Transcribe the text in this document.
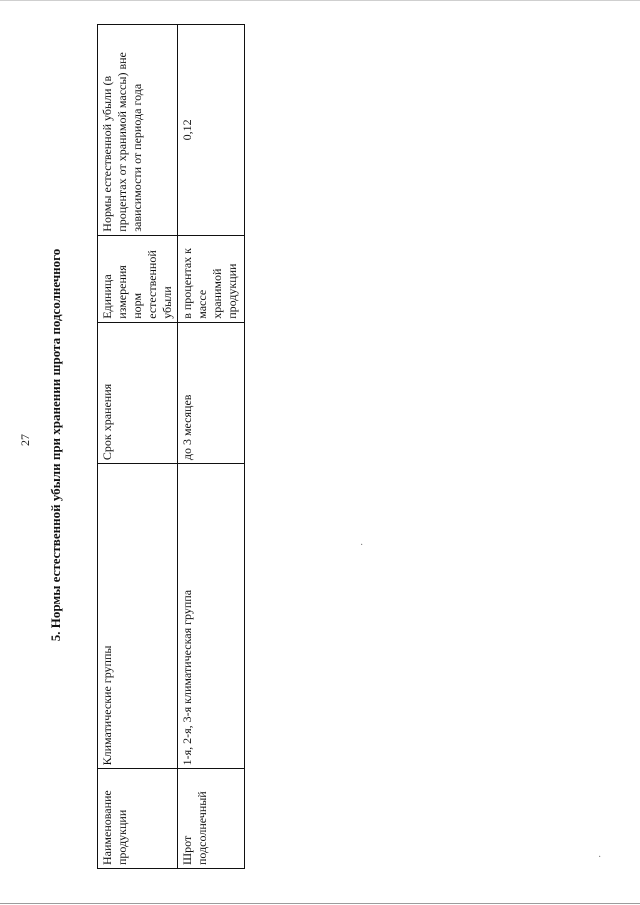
27 5. Нормы естественной убыли при хранении шрота подсолнечного
Наименование продукции	Климатические группы	Срок хранения	Единица измерения норм естественной убыли	Нормы естественной убыли (в процентах от хранимой массы) вне зависимости от периода года
Шрот подсолнечный	1-я, 2-я, 3-я климатическая группа	до 3 месяцев	в процентах к массе хранимой продукции	0,12
·
·
